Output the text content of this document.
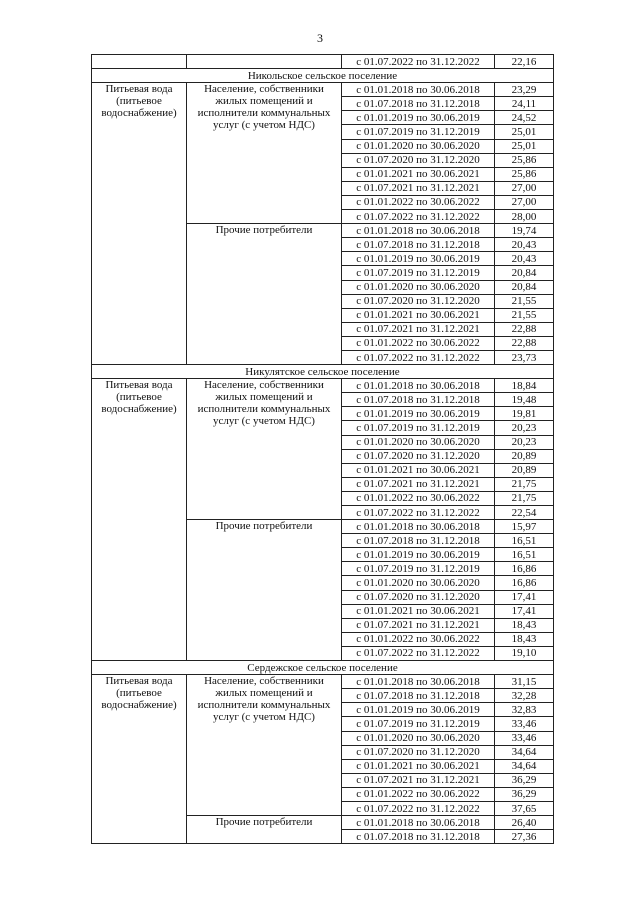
3
		с 01.07.2022 по 31.12.2022	22,16
Никольское сельское поселение			
Питьевая вода (питьевое водоснабжение)	Население, собственники жилых помещений и исполнители коммунальных услуг (с учетом НДС)	с 01.01.2018 по 30.06.2018	23,29
		с 01.07.2018 по 31.12.2018	24,11
		с 01.01.2019 по 30.06.2019	24,52
		с 01.07.2019 по 31.12.2019	25,01
		с 01.01.2020 по 30.06.2020	25,01
		с 01.07.2020 по 31.12.2020	25,86
		с 01.01.2021 по 30.06.2021	25,86
		с 01.07.2021 по 31.12.2021	27,00
		с 01.01.2022 по 30.06.2022	27,00
		с 01.07.2022 по 31.12.2022	28,00
	Прочие потребители	с 01.01.2018 по 30.06.2018	19,74
		с 01.07.2018 по 31.12.2018	20,43
		с 01.01.2019 по 30.06.2019	20,43
		с 01.07.2019 по 31.12.2019	20,84
		с 01.01.2020 по 30.06.2020	20,84
		с 01.07.2020 по 31.12.2020	21,55
		с 01.01.2021 по 30.06.2021	21,55
		с 01.07.2021 по 31.12.2021	22,88
		с 01.01.2022 по 30.06.2022	22,88
		с 01.07.2022 по 31.12.2022	23,73
Никулятское сельское поселение			
Питьевая вода (питьевое водоснабжение)	Население, собственники жилых помещений и исполнители коммунальных услуг (с учетом НДС)	с 01.01.2018 по 30.06.2018	18,84
		с 01.07.2018 по 31.12.2018	19,48
		с 01.01.2019 по 30.06.2019	19,81
		с 01.07.2019 по 31.12.2019	20,23
		с 01.01.2020 по 30.06.2020	20,23
		с 01.07.2020 по 31.12.2020	20,89
		с 01.01.2021 по 30.06.2021	20,89
		с 01.07.2021 по 31.12.2021	21,75
		с 01.01.2022 по 30.06.2022	21,75
		с 01.07.2022 по 31.12.2022	22,54
	Прочие потребители	с 01.01.2018 по 30.06.2018	15,97
		с 01.07.2018 по 31.12.2018	16,51
		с 01.01.2019 по 30.06.2019	16,51
		с 01.07.2019 по 31.12.2019	16,86
		с 01.01.2020 по 30.06.2020	16,86
		с 01.07.2020 по 31.12.2020	17,41
		с 01.01.2021 по 30.06.2021	17,41
		с 01.07.2021 по 31.12.2021	18,43
		с 01.01.2022 по 30.06.2022	18,43
		с 01.07.2022 по 31.12.2022	19,10
Сердежское сельское поселение			
Питьевая вода (питьевое водоснабжение)	Население, собственники жилых помещений и исполнители коммунальных услуг (с учетом НДС)	с 01.01.2018 по 30.06.2018	31,15
		с 01.07.2018 по 31.12.2018	32,28
		с 01.01.2019 по 30.06.2019	32,83
		с 01.07.2019 по 31.12.2019	33,46
		с 01.01.2020 по 30.06.2020	33,46
		с 01.07.2020 по 31.12.2020	34,64
		с 01.01.2021 по 30.06.2021	34,64
		с 01.07.2021 по 31.12.2021	36,29
		с 01.01.2022 по 30.06.2022	36,29
		с 01.07.2022 по 31.12.2022	37,65
	Прочие потребители	с 01.01.2018 по 30.06.2018	26,40
		с 01.07.2018 по 31.12.2018	27,36
